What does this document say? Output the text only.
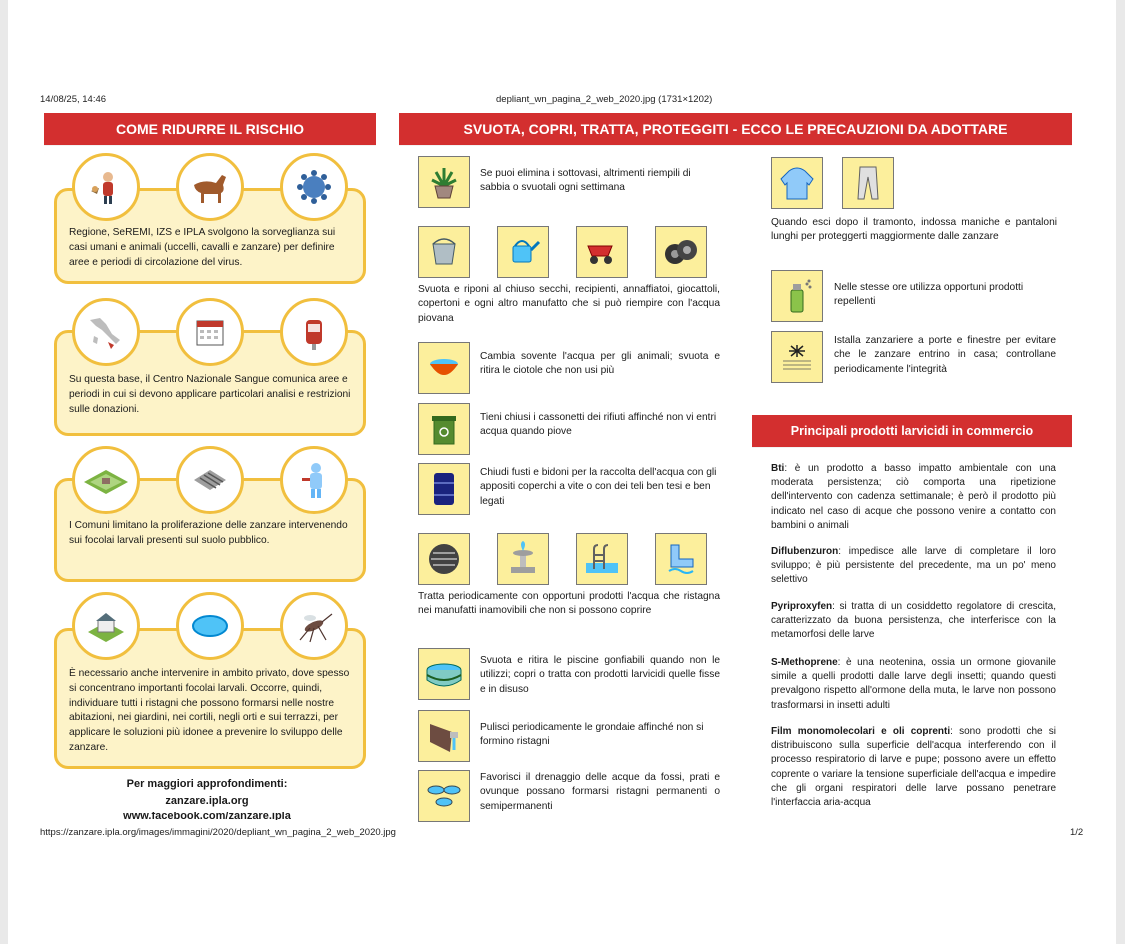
14/08/25, 14:46	depliant_wn_pagina_2_web_2020.jpg (1731×1202)
https://zanzare.ipla.org/images/immagini/2020/depliant_wn_pagina_2_web_2020.jpg	1/2
COME RIDURRE IL RISCHIO

Regione, SeREMI, IZS e IPLA svolgono la sorveglianza sui casi umani e animali (uccelli, cavalli e zanzare) per definire aree e periodi di circolazione del virus.

Su questa base, il Centro Nazionale Sangue comunica aree e periodi in cui si devono applicare particolari analisi e restrizioni sulle donazioni.

I Comuni limitano la proliferazione delle zanzare intervenendo sui focolai larvali presenti sul suolo pubblico.

È necessario anche intervenire in ambito privato, dove spesso si concentrano importanti focolai larvali. Occorre, quindi, individuare tutti i ristagni che possono formarsi nelle nostre abitazioni, nei giardini, nei cortili, negli orti e sui terrazzi, per applicare le soluzioni più idonee a prevenire lo sviluppo delle zanzare.

Per maggiori approfondimenti:
zanzare.ipla.org
www.facebook.com/zanzare.ipla
SVUOTA, COPRI, TRATTA, PROTEGGITI - ECCO LE PRECAUZIONI DA ADOTTARE

Se puoi elimina i sottovasi, altrimenti riempili di sabbia o svuotali ogni settimana

Svuota e riponi al chiuso secchi, recipienti, annaffiatoi, giocattoli, copertoni e ogni altro manufatto che si può riempire con l'acqua piovana

Cambia sovente l'acqua per gli animali; svuota e ritira le ciotole che non usi più

Tieni chiusi i cassonetti dei rifiuti affinché non vi entri acqua quando piove

Chiudi fusti e bidoni per la raccolta dell'acqua con gli appositi coperchi a vite o con dei teli ben tesi e ben legati

Tratta periodicamente con opportuni prodotti l'acqua che ristagna nei manufatti inamovibili che non si possono coprire

Svuota e ritira le piscine gonfiabili quando non le utilizzi; copri o tratta con prodotti larvicidi quelle fisse e in disuso

Pulisci periodicamente le grondaie affinché non si formino ristagni

Favorisci il drenaggio delle acque da fossi, prati e ovunque possano formarsi ristagni permanenti o semipermanenti

Quando esci dopo il tramonto, indossa maniche e pantaloni lunghi per proteggerti maggiormente dalle zanzare

Nelle stesse ore utilizza opportuni prodotti repellenti

Istalla zanzariere a porte e finestre per evitare che le zanzare entrino in casa; controllane periodicamente l'integrità

Principali prodotti larvicidi in commercio

Bti: è un prodotto a basso impatto ambientale con una moderata persistenza; ciò comporta una ripetizione dell'intervento con cadenza settimanale; è però il prodotto più indicato nel caso di acque che possono venire a contatto con bambini o animali

Diflubenzuron: impedisce alle larve di completare il loro sviluppo; è più persistente del precedente, ma un po' meno selettivo

Pyriproxyfen: si tratta di un cosiddetto regolatore di crescita, caratterizzato da buona persistenza, che interferisce con la metamorfosi delle larve

S-Methoprene: è una neotenina, ossia un ormone giovanile simile a quelli prodotti dalle larve degli insetti; quando questi prevalgono rispetto all'ormone della muta, le larve non possono trasformarsi in insetti adulti

Film monomolecolari e oli coprenti: sono prodotti che si distribuiscono sulla superficie dell'acqua interferendo con il processo respiratorio di larve e pupe; possono avere un effetto coprente o variare la tensione superficiale dell'acqua e impedire che gli organi respiratori delle larve possano penetrare l'interfaccia aria-acqua
